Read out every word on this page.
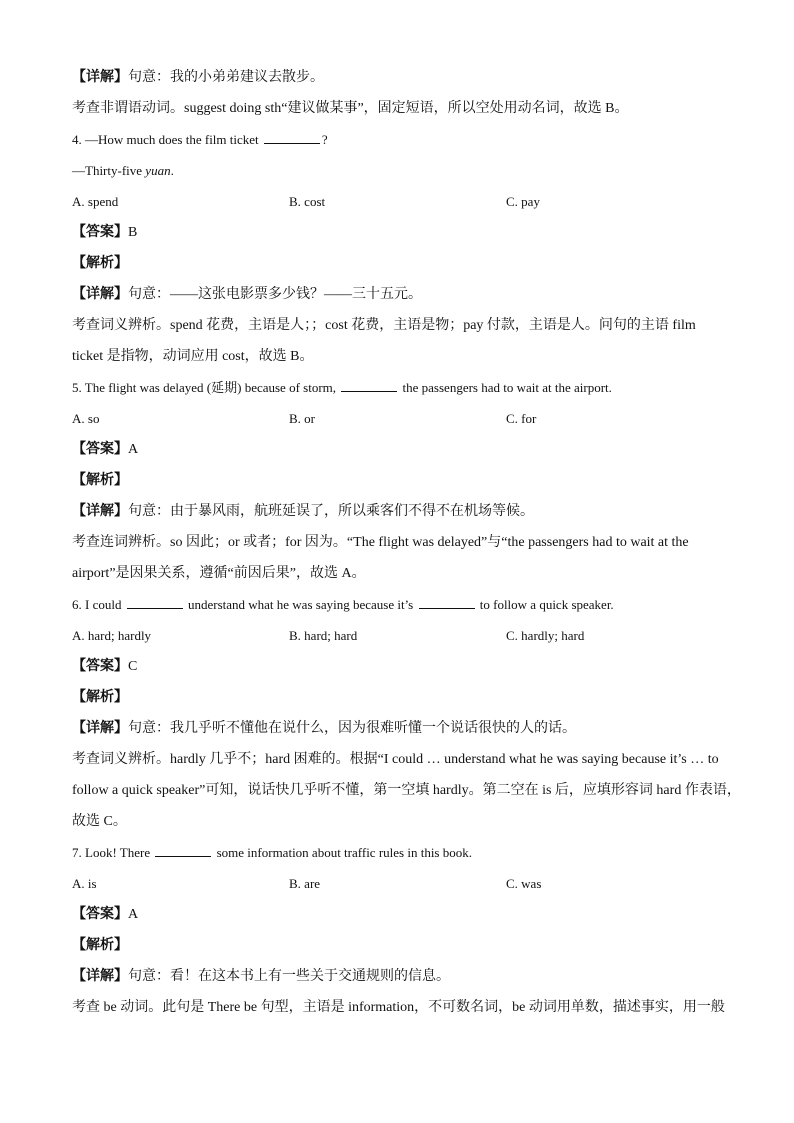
【详解】句意：我的小弟弟建议去散步。
考查非谓语动词。suggest doing sth“建议做某事”，固定短语，所以空处用动名词，故选 B。
4. —How much does the film ticket	?
—Thirty-five yuan.
A. spend	B. cost	C. pay
【答案】B
【解析】
【详解】句意：——这张电影票多少钱？——三十五元。
考查词义辨析。spend 花费，主语是人；；cost 花费，主语是物；pay 付款，主语是人。问句的主语 film
ticket 是指物，动词应用 cost，故选 B。
5. The flight was delayed (延期) because of storm,	the passengers had to wait at the airport.
A. so	B. or	C. for
【答案】A
【解析】
【详解】句意：由于暴风雨，航班延误了，所以乘客们不得不在机场等候。
考查连词辨析。so 因此；or 或者；for 因为。“The flight was delayed”与“the passengers had to wait at the
airport”是因果关系，遵循“前因后果”，故选 A。
6. I could	understand what he was saying because it’s	to follow a quick speaker.
A. hard; hardly	B. hard; hard	C. hardly; hard
【答案】C
【解析】
【详解】句意：我几乎听不懂他在说什么，因为很难听懂一个说话很快的人的话。
考查词义辨析。hardly 几乎不；hard 困难的。根据“I could … understand what he was saying because it’s … to
follow a quick speaker”可知，说话快几乎听不懂，第一空填 hardly。第二空在 is 后，应填形容词 hard 作表语，
故选 C。
7. Look! There	some information about traffic rules in this book.
A. is	B. are	C. was
【答案】A
【解析】
【详解】句意：看！在这本书上有一些关于交通规则的信息。
考查 be 动词。此句是 There be 句型，主语是 information，不可数名词，be 动词用单数，描述事实，用一般
